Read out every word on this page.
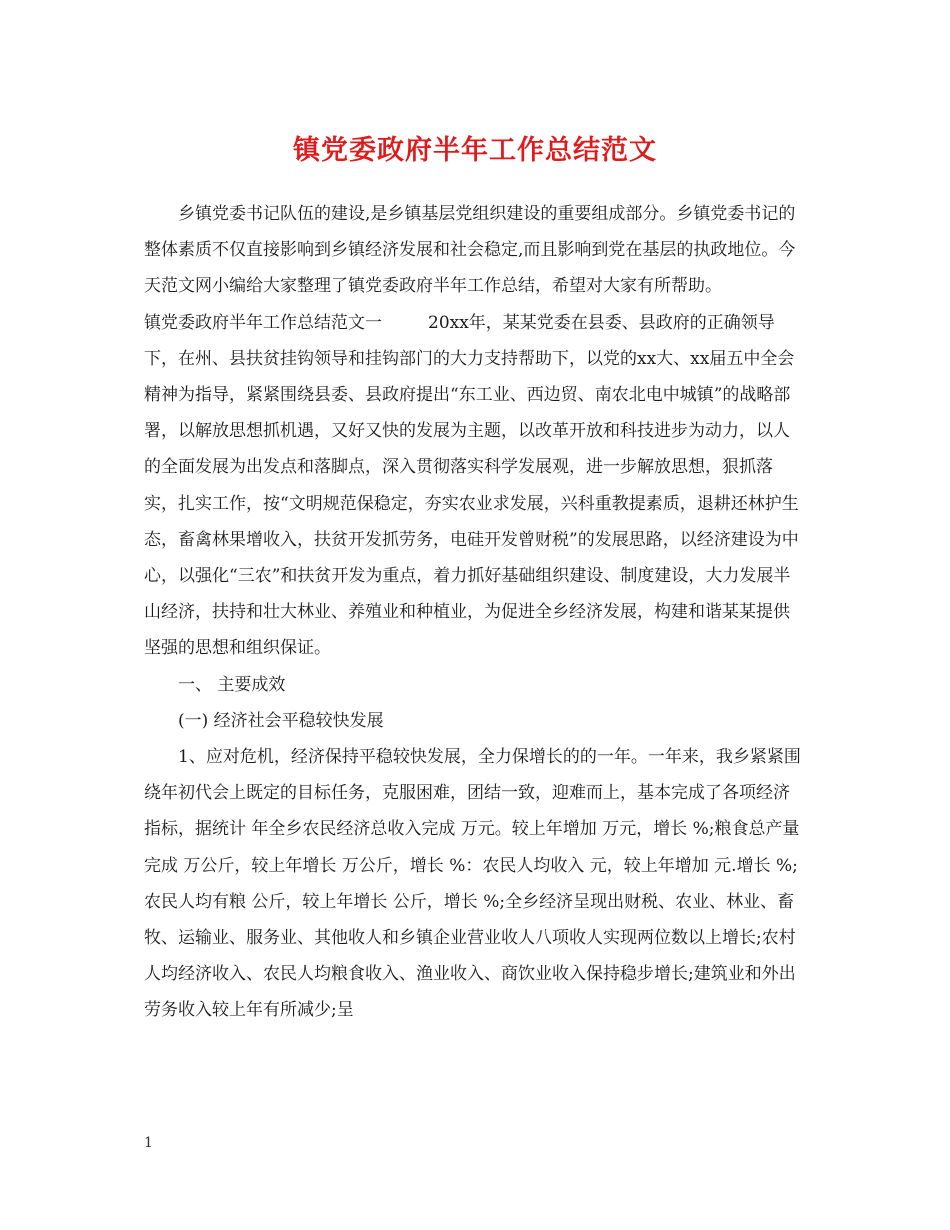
镇党委政府半年工作总结范文

乡镇党委书记队伍的建设,是乡镇基层党组织建设的重要组成部分。乡镇党委书记的整体素质不仅直接影响到乡镇经济发展和社会稳定,而且影响到党在基层的执政地位。今天范文网小编给大家整理了镇党委政府半年工作总结，希望对大家有所帮助。

镇党委政府半年工作总结范文一	20xx年，某某党委在县委、县政府的正确领导下，在州、县扶贫挂钩领导和挂钩部门的大力支持帮助下，以党的xx大、xx届五中全会精神为指导，紧紧围绕县委、县政府提出“东工业、西边贸、南农北电中城镇”的战略部署，以解放思想抓机遇，又好又快的发展为主题，以改革开放和科技进步为动力，以人的全面发展为出发点和落脚点，深入贯彻落实科学发展观，进一步解放思想，狠抓落实，扎实工作，按“文明规范保稳定，夯实农业求发展，兴科重教提素质，退耕还林护生态，畜禽林果增收入，扶贫开发抓劳务，电硅开发曾财税”的发展思路，以经济建设为中心，以强化“三农”和扶贫开发为重点，着力抓好基础组织建设、制度建设，大力发展半山经济，扶持和壮大林业、养殖业和种植业，为促进全乡经济发展，构建和谐某某提供坚强的思想和组织保证。

一、 主要成效

(一) 经济社会平稳较快发展

1、应对危机，经济保持平稳较快发展，全力保增长的的一年。一年来，我乡紧紧围绕年初代会上既定的目标任务，克服困难，团结一致，迎难而上，基本完成了各项经济指标，据统计 年全乡农民经济总收入完成 万元。较上年增加 万元，增长 %;粮食总产量完成 万公斤，较上年增长 万公斤，增长 %：农民人均收入 元，较上年增加 元.增长 %;农民人均有粮 公斤，较上年增长 公斤，增长 %;全乡经济呈现出财税、农业、林业、畜牧、运输业、服务业、其他收人和乡镇企业营业收人八项收人实现两位数以上增长;农村人均经济收入、农民人均粮食收入、渔业收入、商饮业收入保持稳步增长;建筑业和外出劳务收入较上年有所减少;呈

1
